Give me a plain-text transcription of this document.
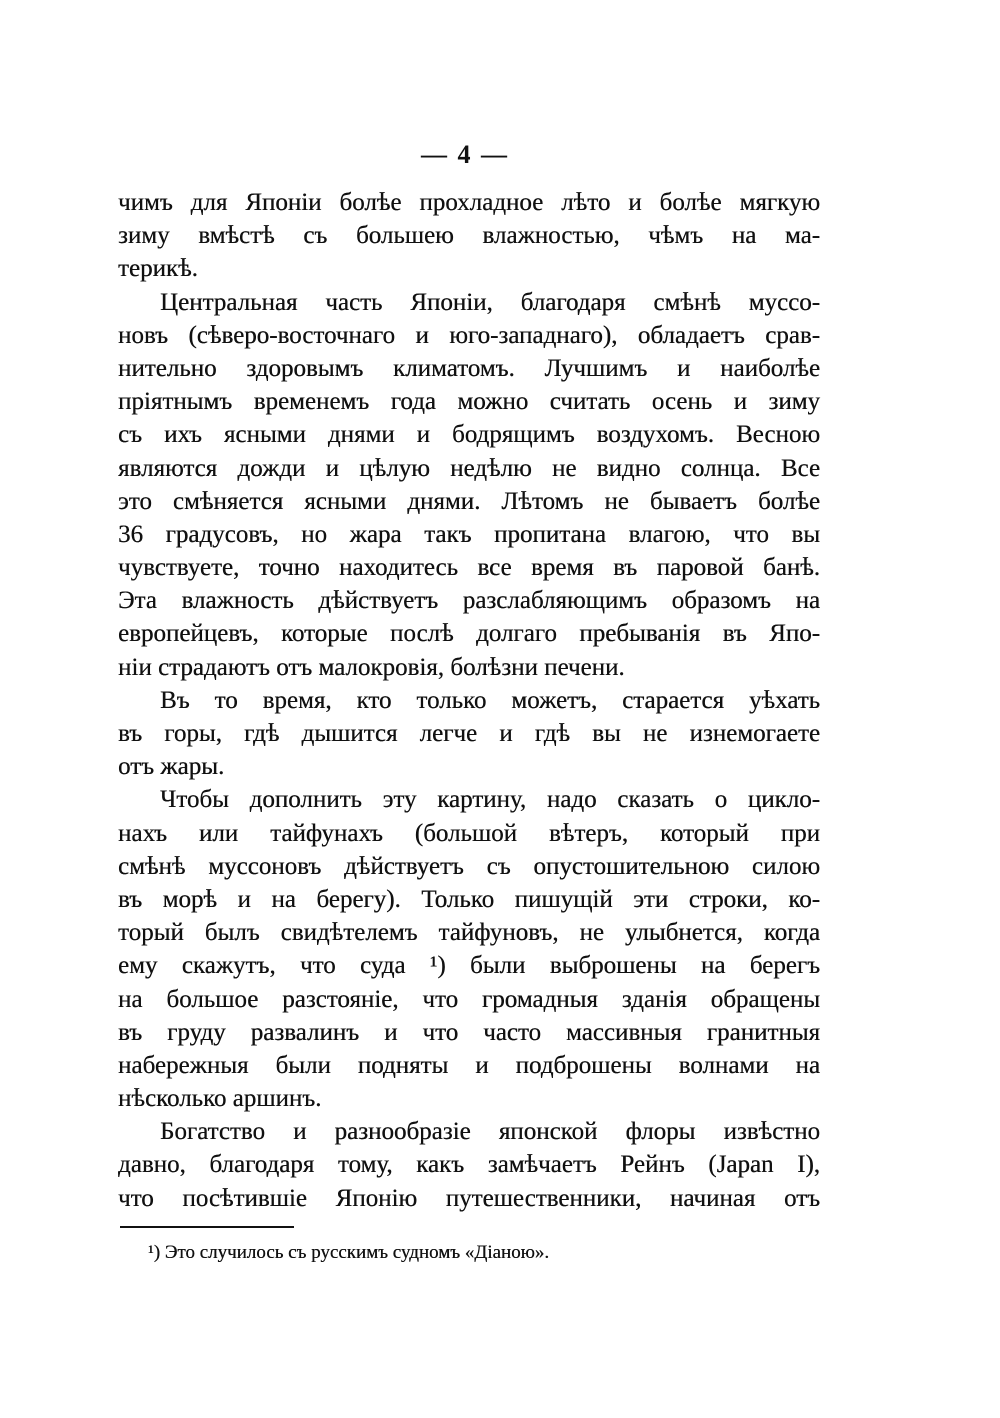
— 4 —
чимъ для Японіи болѣе прохладное лѣто и болѣе мягкую
зиму вмѣстѣ съ большею влажностью, чѣмъ на ма-
терикѣ.
Центральная часть Японіи, благодаря смѣнѣ муссо-
новъ (сѣверо-восточнаго и юго-западнаго), обладаетъ срав-
нительно здоровымъ климатомъ. Лучшимъ и наиболѣе
пріятнымъ временемъ года можно считать осень и зиму
съ ихъ ясными днями и бодрящимъ воздухомъ. Весною
являются дожди и цѣлую недѣлю не видно солнца. Все
это смѣняется ясными днями. Лѣтомъ не бываетъ болѣе
36 градусовъ, но жара такъ пропитана влагою, что вы
чувствуете, точно находитесь все время въ паровой банѣ.
Эта влажность дѣйствуетъ разслабляющимъ образомъ на
европейцевъ, которые послѣ долгаго пребыванія въ Япо-
ніи страдаютъ отъ малокровія, болѣзни печени.
Въ то время, кто только можетъ, старается уѣхать
въ горы, гдѣ дышится легче и гдѣ вы не изнемогаете
отъ жары.
Чтобы дополнить эту картину, надо сказать о цикло-
нахъ или тайфунахъ (большой вѣтеръ, который при
смѣнѣ муссоновъ дѣйствуетъ съ опустошительною силою
въ морѣ и на берегу). Только пишущій эти строки, ко-
торый былъ свидѣтелемъ тайфуновъ, не улыбнется, когда
ему скажутъ, что суда ¹) были выброшены на берегъ
на большое разстояніе, что громадныя зданія обращены
въ груду развалинъ и что часто массивныя гранитныя
набережныя были подняты и подброшены волнами на
нѣсколько аршинъ.
Богатство и разнообразіе японской флоры извѣстно
давно, благодаря тому, какъ замѣчаетъ Рейнъ (Japan I),
что посѣтившіе Японію путешественники, начиная отъ
¹) Это случилось съ русскимъ судномъ «Діаною».
